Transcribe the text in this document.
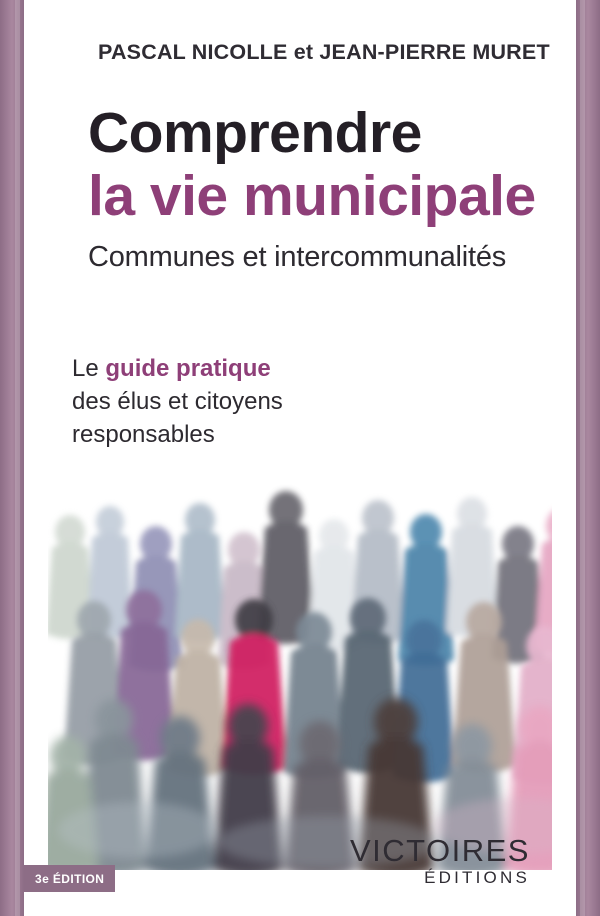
PASCAL NICOLLE et JEAN-PIERRE MURET
Comprendre
la vie municipale
Communes et intercommunalités
Le guide pratique
des élus et citoyens
responsables
VICTOIRES
ÉDITIONS
3e ÉDITION
